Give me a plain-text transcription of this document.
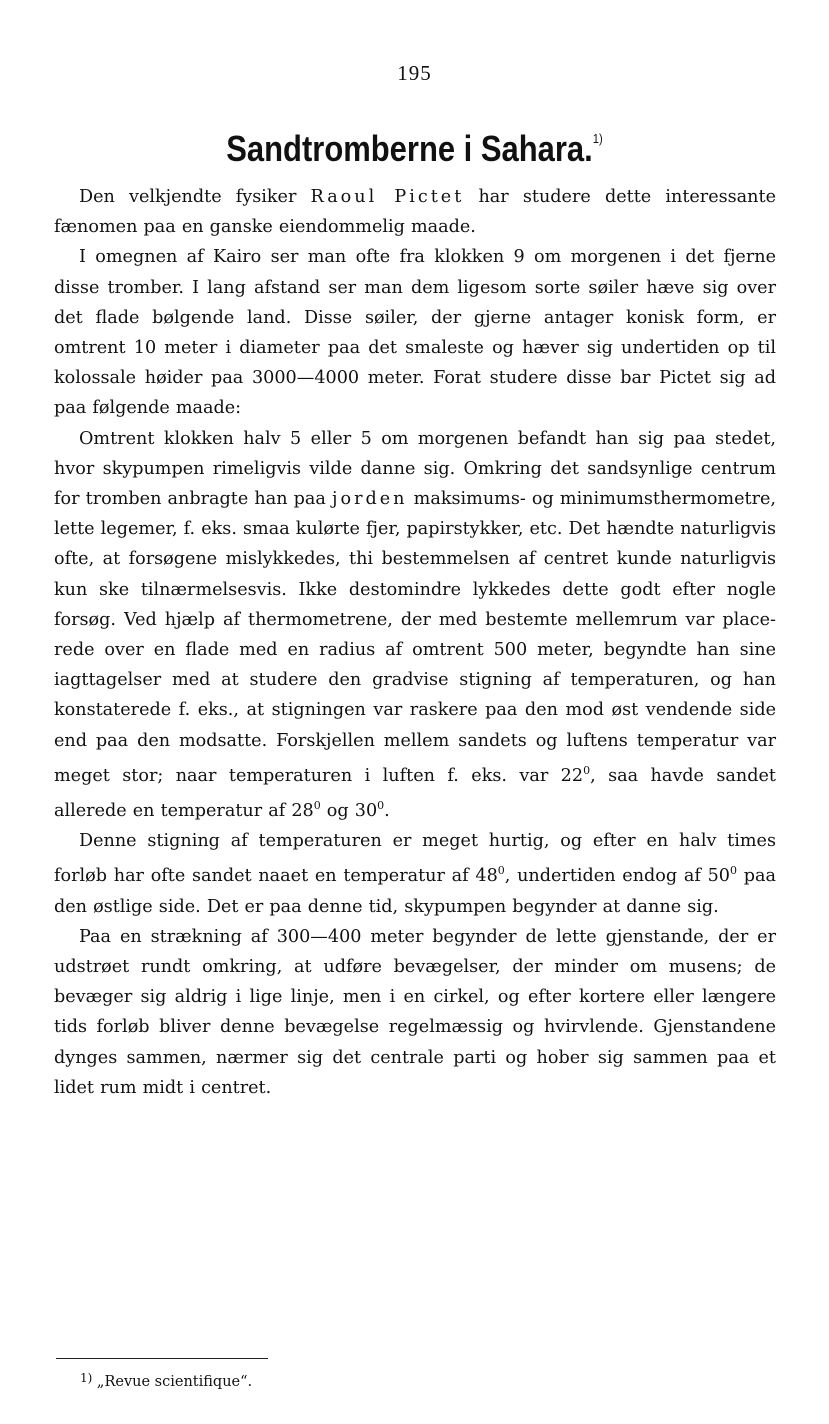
195
Sandtromberne i Sahara.$^{1)}$

Den velkjendte fysiker Raoul Pictet har studere dette interessante fænomen paa en ganske eiendommelig maade.

I omegnen af Kairo ser man ofte fra klokken 9 om morgenen i det fjerne disse tromber. I lang afstand ser man dem ligesom sorte søiler hæve sig over det flade bølgende land. Disse søiler, der gjerne antager konisk form, er omtrent 10 meter i diameter paa det smaleste og hæver sig undertiden op til kolossale høider paa 3000—4000 meter. Forat studere disse bar Pictet sig ad paa følgende maade:

Omtrent klokken halv 5 eller 5 om morgenen befandt han sig paa stedet, hvor skypumpen rimeligvis vilde danne sig. Omkring det sandsynlige centrum for tromben anbragte han paa jorden maksimums- og minimumsthermometre, lette legemer, f. eks. smaa kulørte fjer, papirstykker, etc. Det hændte naturligvis ofte, at forsøgene mislykkedes, thi bestemmelsen af centret kunde naturligvis kun ske tilnærmelsesvis. Ikke destomindre lykkedes dette godt efter nogle forsøg. Ved hjælp af thermometrene, der med bestemte mellemrum var placerede over en flade med en radius af omtrent 500 meter, begyndte han sine iagttagelser med at studere den gradvise stigning af temperaturen, og han konstaterede f. eks., at stigningen var raskere paa den mod øst vendende side end paa den modsatte. Forskjellen mellem sandets og luftens temperatur var meget stor; naar temperaturen i luften f. eks. var $22^0$, saa havde sandet allerede en temperatur af $28^0$ og $30^0$.

Denne stigning af temperaturen er meget hurtig, og efter en halv times forløb har ofte sandet naaet en temperatur af $48^0$, undertiden endog af $50^0$ paa den østlige side. Det er paa denne tid, skypumpen begynder at danne sig.

Paa en strækning af 300—400 meter begynder de lette gjenstande, der er udstrøet rundt omkring, at udføre bevægelser, der minder om musens; de bevæger sig aldrig i lige linje, men i en cirkel, og efter kortere eller længere tids forløb bliver denne bevægelse regelmæssig og hvirvlende. Gjenstandene dynges sammen, nærmer sig det centrale parti og hober sig sammen paa et lidet rum midt i centret.

$^{1)}$ „Revue scientifique“.
